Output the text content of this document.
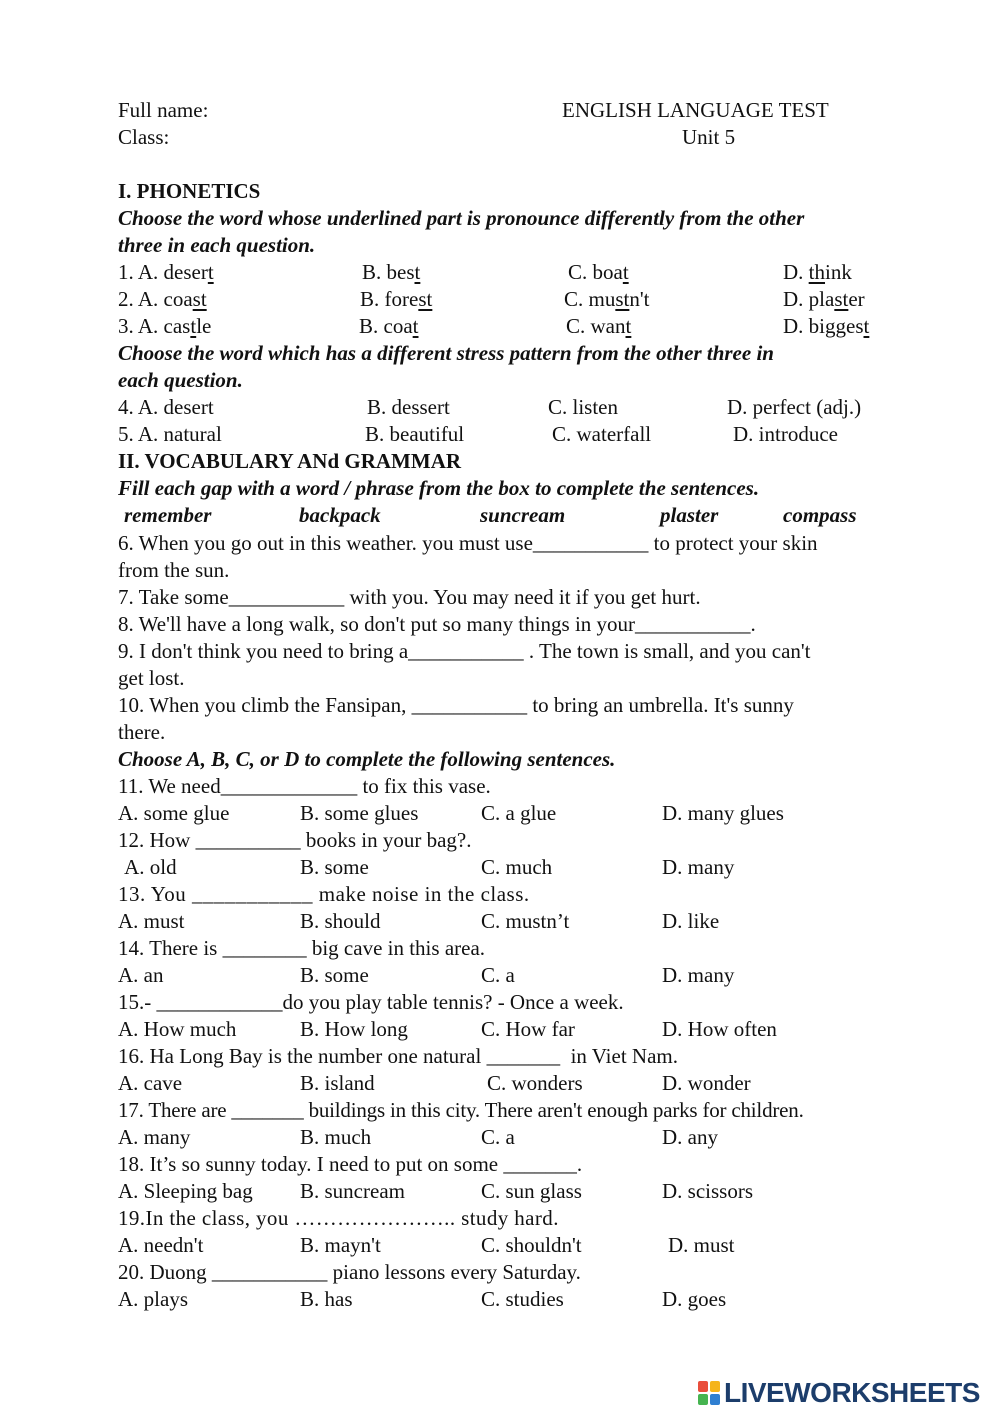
Full name:	ENGLISH LANGUAGE TEST
Class:	Unit 5
I. PHONETICS
Choose the word whose underlined part is pronounce differently from the other
three in each question.
1. A. desert	B. best	C. boat	D. think
2. A. coast	B. forest	C. mustn't	D. plaster
3. A. castle	B. coat	C. want	D. biggest
Choose the word which has a different stress pattern from the other three in
each question.
4. A. desert	B. dessert	C. listen	D. perfect (adj.)
5. A. natural	B. beautiful	C. waterfall	D. introduce
II. VOCABULARY ANd GRAMMAR
Fill each gap with a word / phrase from the box to complete the sentences.
remember	backpack	suncream	plaster	compass
6. When you go out in this weather. you must use___________ to protect your skin
from the sun.
7. Take some___________ with you. You may need it if you get hurt.
8. We'll have a long walk, so don't put so many things in your___________.
9. I don't think you need to bring a___________ . The town is small, and you can't
get lost.
10. When you climb the Fansipan, ___________ to bring an umbrella. It's sunny
there.
Choose A, B, C, or D to complete the following sentences.
11. We need_____________ to fix this vase.
A. some glue	B. some glues	C. a glue	D. many glues
12. How __________ books in your bag?.
A. old	B. some	C. much	D. many
13. You ___________ make noise in the class.
A. must	B. should	C. mustn’t	D. like
14. There is ________ big cave in this area.
A. an	B. some	C. a	D. many
15.- ____________do you play table tennis? - Once a week.
A. How much	B. How long	C. How far	D. How often
16. Ha Long Bay is the number one natural _______  in Viet Nam.
A. cave	B. island	C. wonders	D. wonder
17. There are _______ buildings in this city. There aren't enough parks for children.
A. many	B. much	C. a	D. any
18. It’s so sunny today. I need to put on some _______.
A. Sleeping bag B. suncream	C. sun glass	D. scissors
19.In the class, you ………………….. study hard.
A. needn't	B. mayn't	C. shouldn't	D. must
20. Duong ___________ piano lessons every Saturday.
A. plays	B. has	C. studies	D. goes
LIVEWORKSHEETS
